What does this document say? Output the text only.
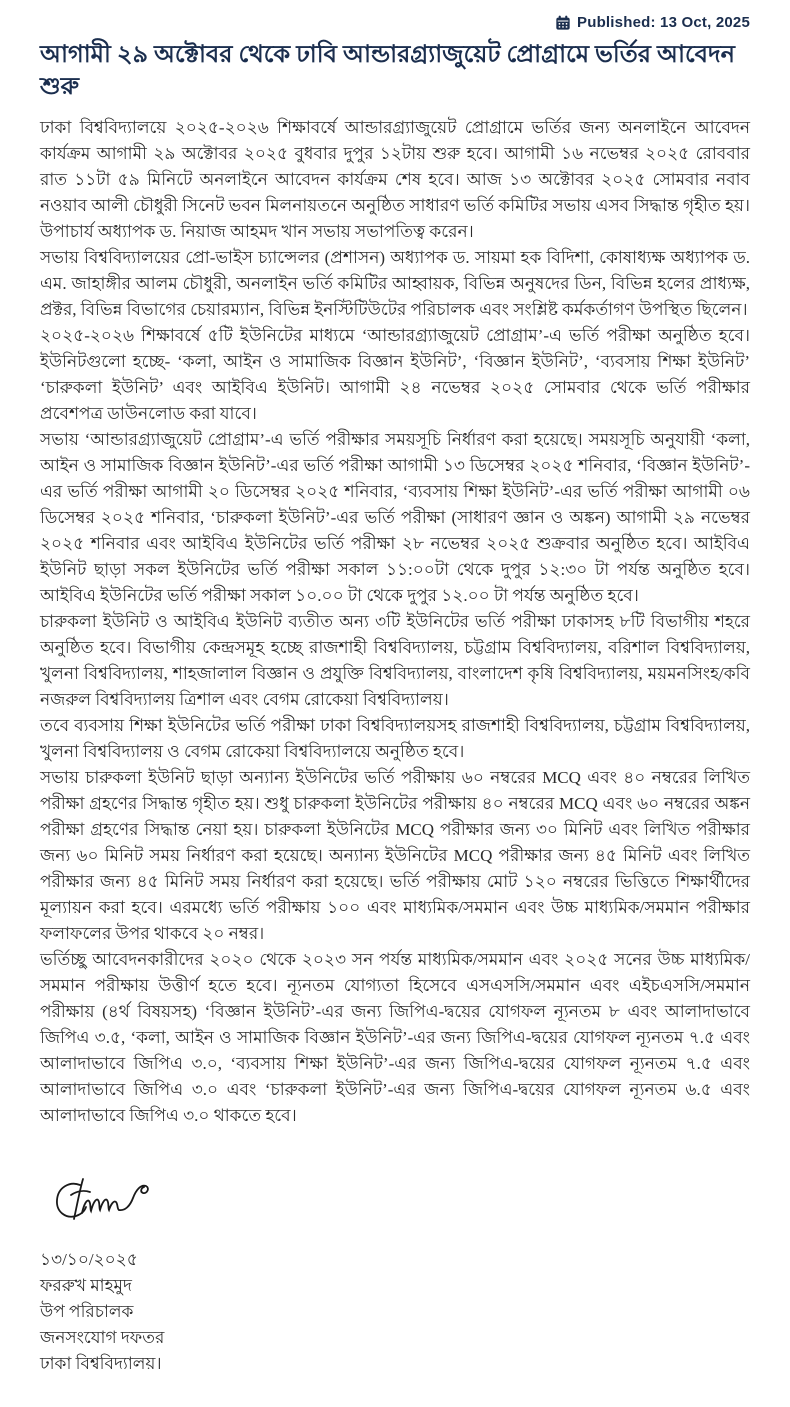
Published: 13 Oct, 2025
আগামী ২৯ অক্টোবর থেকে ঢাবি আন্ডারগ্র্যাজুয়েট প্রোগ্রামে ভর্তির আবেদন শুরু

ঢাকা বিশ্ববিদ্যালয়ে ২০২৫-২০২৬ শিক্ষাবর্ষে আন্ডারগ্র্যাজুয়েট প্রোগ্রামে ভর্তির জন্য অনলাইনে আবেদন কার্যক্রম আগামী ২৯ অক্টোবর ২০২৫ বুধবার দুপুর ১২টায় শুরু হবে। আগামী ১৬ নভেম্বর ২০২৫ রোববার রাত ১১টা ৫৯ মিনিটে অনলাইনে আবেদন কার্যক্রম শেষ হবে। আজ ১৩ অক্টোবর ২০২৫ সোমবার নবাব নওয়াব আলী চৌধুরী সিনেট ভবন মিলনায়তনে অনুষ্ঠিত সাধারণ ভর্তি কমিটির সভায় এসব সিদ্ধান্ত গৃহীত হয়। উপাচার্য অধ্যাপক ড. নিয়াজ আহমদ খান সভায় সভাপতিত্ব করেন।

সভায় বিশ্ববিদ্যালয়ের প্রো-ভাইস চ্যান্সেলর (প্রশাসন) অধ্যাপক ড. সায়মা হক বিদিশা, কোষাধ্যক্ষ অধ্যাপক ড. এম. জাহাঙ্গীর আলম চৌধুরী, অনলাইন ভর্তি কমিটির আহ্বায়ক, বিভিন্ন অনুষদের ডিন, বিভিন্ন হলের প্রাধ্যক্ষ, প্রক্টর, বিভিন্ন বিভাগের চেয়ারম্যান, বিভিন্ন ইনস্টিটিউটের পরিচালক এবং সংশ্লিষ্ট কর্মকর্তাগণ উপস্থিত ছিলেন।

২০২৫-২০২৬ শিক্ষাবর্ষে ৫টি ইউনিটের মাধ্যমে ‘আন্ডারগ্র্যাজুয়েট প্রোগ্রাম’-এ ভর্তি পরীক্ষা অনুষ্ঠিত হবে। ইউনিটগুলো হচ্ছে- ‘কলা, আইন ও সামাজিক বিজ্ঞান ইউনিট’, ‘বিজ্ঞান ইউনিট’, ‘ব্যবসায় শিক্ষা ইউনিট’ ‘চারুকলা ইউনিট’ এবং আইবিএ ইউনিট। আগামী ২৪ নভেম্বর ২০২৫ সোমবার থেকে ভর্তি পরীক্ষার প্রবেশপত্র ডাউনলোড করা যাবে।

সভায় ‘আন্ডারগ্র্যাজুয়েট প্রোগ্রাম’-এ ভর্তি পরীক্ষার সময়সূচি নির্ধারণ করা হয়েছে। সময়সূচি অনুযায়ী ‘কলা, আইন ও সামাজিক বিজ্ঞান ইউনিট’-এর ভর্তি পরীক্ষা আগামী ১৩ ডিসেম্বর ২০২৫ শনিবার, ‘বিজ্ঞান ইউনিট’-এর ভর্তি পরীক্ষা আগামী ২০ ডিসেম্বর ২০২৫ শনিবার, ‘ব্যবসায় শিক্ষা ইউনিট’-এর ভর্তি পরীক্ষা আগামী ০৬ ডিসেম্বর ২০২৫ শনিবার, ‘চারুকলা ইউনিট’-এর ভর্তি পরীক্ষা (সাধারণ জ্ঞান ও অঙ্কন) আগামী ২৯ নভেম্বর ২০২৫ শনিবার এবং আইবিএ ইউনিটের ভর্তি পরীক্ষা ২৮ নভেম্বর ২০২৫ শুক্রবার অনুষ্ঠিত হবে। আইবিএ ইউনিট ছাড়া সকল ইউনিটের ভর্তি পরীক্ষা সকাল ১১:০০টা থেকে দুপুর ১২:৩০ টা পর্যন্ত অনুষ্ঠিত হবে। আইবিএ ইউনিটের ভর্তি পরীক্ষা সকাল ১০.০০ টা থেকে দুপুর ১২.০০ টা পর্যন্ত অনুষ্ঠিত হবে।

চারুকলা ইউনিট ও আইবিএ ইউনিট ব্যতীত অন্য ৩টি ইউনিটের ভর্তি পরীক্ষা ঢাকাসহ ৮টি বিভাগীয় শহরে অনুষ্ঠিত হবে। বিভাগীয় কেন্দ্রসমূহ হচ্ছে রাজশাহী বিশ্ববিদ্যালয়, চট্টগ্রাম বিশ্ববিদ্যালয়, বরিশাল বিশ্ববিদ্যালয়, খুলনা বিশ্ববিদ্যালয়, শাহজালাল বিজ্ঞান ও প্রযুক্তি বিশ্ববিদ্যালয়, বাংলাদেশ কৃষি বিশ্ববিদ্যালয়, ময়মনসিংহ/কবি নজরুল বিশ্ববিদ্যালয় ত্রিশাল এবং বেগম রোকেয়া বিশ্ববিদ্যালয়।

তবে ব্যবসায় শিক্ষা ইউনিটের ভর্তি পরীক্ষা ঢাকা বিশ্ববিদ্যালয়সহ রাজশাহী বিশ্ববিদ্যালয়, চট্টগ্রাম বিশ্ববিদ্যালয়, খুলনা বিশ্ববিদ্যালয় ও বেগম রোকেয়া বিশ্ববিদ্যালয়ে অনুষ্ঠিত হবে।

সভায় চারুকলা ইউনিট ছাড়া অন্যান্য ইউনিটের ভর্তি পরীক্ষায় ৬০ নম্বরের MCQ এবং ৪০ নম্বরের লিখিত পরীক্ষা গ্রহণের সিদ্ধান্ত গৃহীত হয়। শুধু চারুকলা ইউনিটের পরীক্ষায় ৪০ নম্বরের MCQ এবং ৬০ নম্বরের অঙ্কন পরীক্ষা গ্রহণের সিদ্ধান্ত নেয়া হয়। চারুকলা ইউনিটের MCQ পরীক্ষার জন্য ৩০ মিনিট এবং লিখিত পরীক্ষার জন্য ৬০ মিনিট সময় নির্ধারণ করা হয়েছে। অন্যান্য ইউনিটের MCQ পরীক্ষার জন্য ৪৫ মিনিট এবং লিখিত পরীক্ষার জন্য ৪৫ মিনিট সময় নির্ধারণ করা হয়েছে। ভর্তি পরীক্ষায় মোট ১২০ নম্বরের ভিত্তিতে শিক্ষার্থীদের মূল্যায়ন করা হবে। এরমধ্যে ভর্তি পরীক্ষায় ১০০ এবং মাধ্যমিক/সমমান এবং উচ্চ মাধ্যমিক/সমমান পরীক্ষার ফলাফলের উপর থাকবে ২০ নম্বর।

ভর্তিচ্ছু আবেদনকারীদের ২০২০ থেকে ২০২৩ সন পর্যন্ত মাধ্যমিক/সমমান এবং ২০২৫ সনের উচ্চ মাধ্যমিক/সমমান পরীক্ষায় উত্তীর্ণ হতে হবে। ন্যূনতম যোগ্যতা হিসেবে এসএসসি/সমমান এবং এইচএসসি/সমমান পরীক্ষায় (৪র্থ বিষয়সহ) ‘বিজ্ঞান ইউনিট’-এর জন্য জিপিএ-দ্বয়ের যোগফল ন্যূনতম ৮ এবং আলাদাভাবে জিপিএ ৩.৫, ‘কলা, আইন ও সামাজিক বিজ্ঞান ইউনিট’-এর জন্য জিপিএ-দ্বয়ের যোগফল ন্যূনতম ৭.৫ এবং আলাদাভাবে জিপিএ ৩.০, ‘ব্যবসায় শিক্ষা ইউনিট’-এর জন্য জিপিএ-দ্বয়ের যোগফল ন্যূনতম ৭.৫ এবং আলাদাভাবে জিপিএ ৩.০ এবং ‘চারুকলা ইউনিট’-এর জন্য জিপিএ-দ্বয়ের যোগফল ন্যূনতম ৬.৫ এবং আলাদাভাবে জিপিএ ৩.০ থাকতে হবে।

১৩/১০/২০২৫
ফররুখ মাহমুদ
উপ পরিচালক
জনসংযোগ দফতর
ঢাকা বিশ্ববিদ্যালয়।
